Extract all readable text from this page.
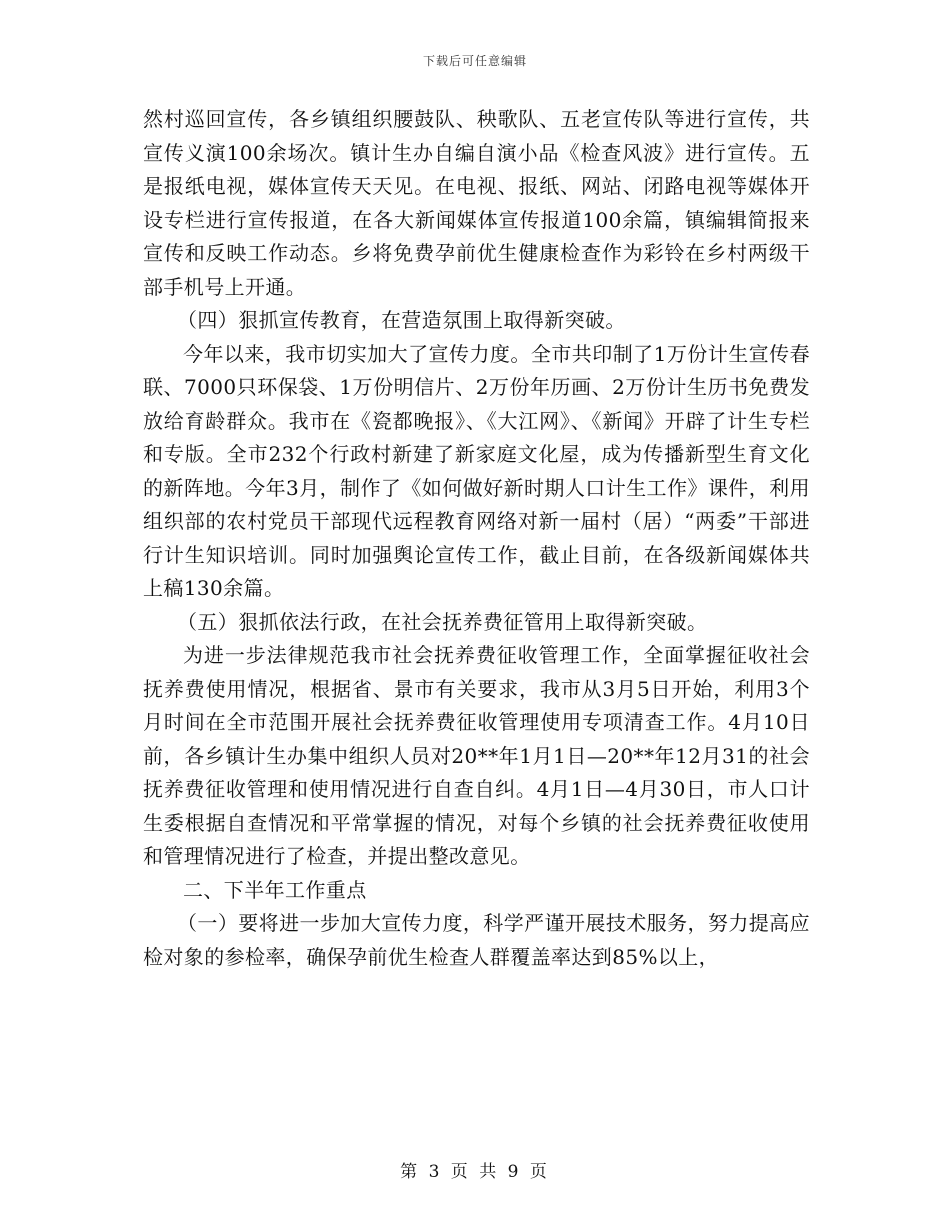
下载后可任意编辑

然村巡回宣传，各乡镇组织腰鼓队、秧歌队、五老宣传队等进行宣传，共宣传义演100余场次。镇计生办自编自演小品《检查风波》进行宣传。五是报纸电视，媒体宣传天天见。在电视、报纸、网站、闭路电视等媒体开设专栏进行宣传报道，在各大新闻媒体宣传报道100余篇，镇编辑简报来宣传和反映工作动态。乡将免费孕前优生健康检查作为彩铃在乡村两级干部手机号上开通。

（四）狠抓宣传教育，在营造氛围上取得新突破。

今年以来，我市切实加大了宣传力度。全市共印制了1万份计生宣传春联、7000只环保袋、1万份明信片、2万份年历画、2万份计生历书免费发放给育龄群众。我市在《瓷都晚报》、《大江网》、《新闻》开辟了计生专栏和专版。全市232个行政村新建了新家庭文化屋，成为传播新型生育文化的新阵地。今年3月，制作了《如何做好新时期人口计生工作》课件，利用组织部的农村党员干部现代远程教育网络对新一届村（居）“两委”干部进行计生知识培训。同时加强舆论宣传工作，截止目前，在各级新闻媒体共上稿130余篇。

（五）狠抓依法行政，在社会抚养费征管用上取得新突破。

为进一步法律规范我市社会抚养费征收管理工作，全面掌握征收社会抚养费使用情况，根据省、景市有关要求，我市从3月5日开始，利用3个月时间在全市范围开展社会抚养费征收管理使用专项清查工作。4月10日前，各乡镇计生办集中组织人员对20**年1月1日—20**年12月31的社会抚养费征收管理和使用情况进行自查自纠。4月1日—4月30日，市人口计生委根据自查情况和平常掌握的情况，对每个乡镇的社会抚养费征收使用和管理情况进行了检查，并提出整改意见。

二、下半年工作重点

（一）要将进一步加大宣传力度，科学严谨开展技术服务，努力提高应检对象的参检率，确保孕前优生检查人群覆盖率达到85%以上，

第 3 页 共 9 页
